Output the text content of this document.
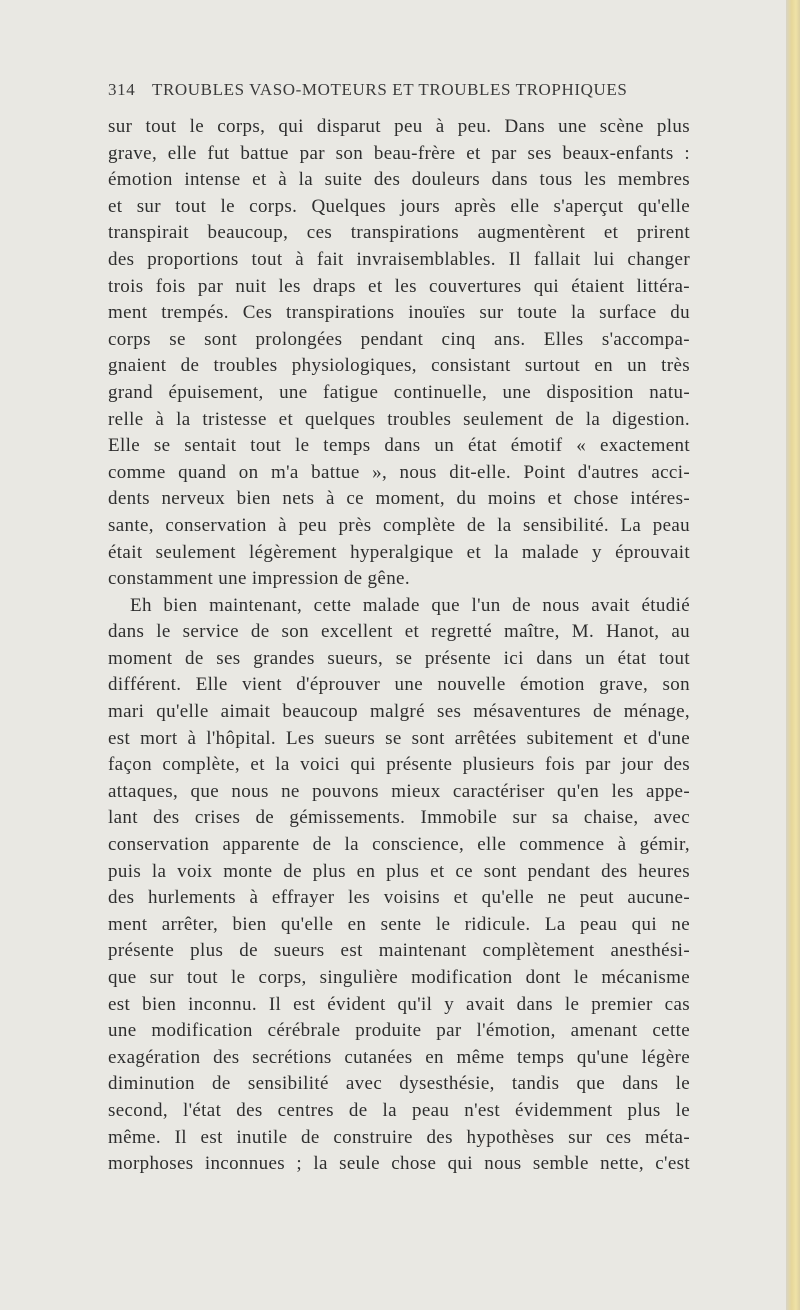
314 TROUBLES VASO-MOTEURS ET TROUBLES TROPHIQUES
sur tout le corps, qui disparut peu à peu. Dans une scène plus
grave, elle fut battue par son beau-frère et par ses beaux-enfants :
émotion intense et à la suite des douleurs dans tous les membres
et sur tout le corps. Quelques jours après elle s'aperçut qu'elle
transpirait beaucoup, ces transpirations augmentèrent et prirent
des proportions tout à fait invraisemblables. Il fallait lui changer
trois fois par nuit les draps et les couvertures qui étaient littéra-
ment trempés. Ces transpirations inouïes sur toute la surface du
corps se sont prolongées pendant cinq ans. Elles s'accompa-
gnaient de troubles physiologiques, consistant surtout en un très
grand épuisement, une fatigue continuelle, une disposition natu-
relle à la tristesse et quelques troubles seulement de la digestion.
Elle se sentait tout le temps dans un état émotif « exactement
comme quand on m'a battue », nous dit-elle. Point d'autres acci-
dents nerveux bien nets à ce moment, du moins et chose intéres-
sante, conservation à peu près complète de la sensibilité. La peau
était seulement légèrement hyperalgique et la malade y éprouvait
constamment une impression de gêne.
Eh bien maintenant, cette malade que l'un de nous avait étudié
dans le service de son excellent et regretté maître, M. Hanot, au
moment de ses grandes sueurs, se présente ici dans un état tout
différent. Elle vient d'éprouver une nouvelle émotion grave, son
mari qu'elle aimait beaucoup malgré ses mésaventures de ménage,
est mort à l'hôpital. Les sueurs se sont arrêtées subitement et d'une
façon complète, et la voici qui présente plusieurs fois par jour des
attaques, que nous ne pouvons mieux caractériser qu'en les appe-
lant des crises de gémissements. Immobile sur sa chaise, avec
conservation apparente de la conscience, elle commence à gémir,
puis la voix monte de plus en plus et ce sont pendant des heures
des hurlements à effrayer les voisins et qu'elle ne peut aucune-
ment arrêter, bien qu'elle en sente le ridicule. La peau qui ne
présente plus de sueurs est maintenant complètement anesthési-
que sur tout le corps, singulière modification dont le mécanisme
est bien inconnu. Il est évident qu'il y avait dans le premier cas
une modification cérébrale produite par l'émotion, amenant cette
exagération des secrétions cutanées en même temps qu'une légère
diminution de sensibilité avec dysesthésie, tandis que dans le
second, l'état des centres de la peau n'est évidemment plus le
même. Il est inutile de construire des hypothèses sur ces méta-
morphoses inconnues ; la seule chose qui nous semble nette, c'est
